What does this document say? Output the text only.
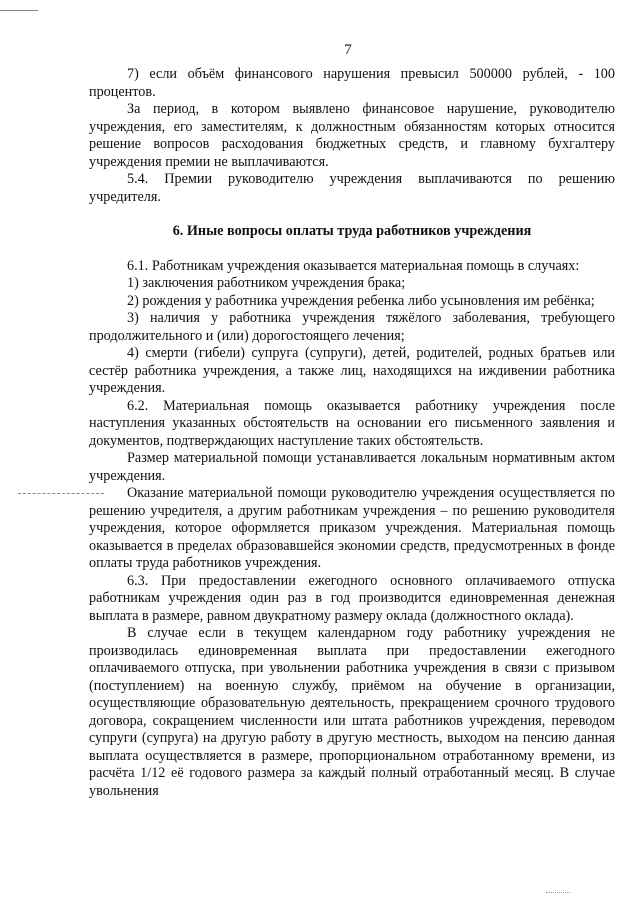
7

7) если объём финансового нарушения превысил 500000 рублей, - 100 процентов.

За период, в котором выявлено финансовое нарушение, руководителю учреждения, его заместителям, к должностным обязанностям которых относится решение вопросов расходования бюджетных средств, и главному бухгалтеру учреждения премии не выплачиваются.

5.4. Премии руководителю учреждения выплачиваются по решению учредителя.

6. Иные вопросы оплаты труда работников учреждения

6.1. Работникам учреждения оказывается материальная помощь в случаях:

1) заключения работником учреждения брака;

2) рождения у работника учреждения ребенка либо усыновления им ребёнка;

3) наличия у работника учреждения тяжёлого заболевания, требующего продолжительного и (или) дорогостоящего лечения;

4) смерти (гибели) супруга (супруги), детей, родителей, родных братьев или сестёр работника учреждения, а также лиц, находящихся на иждивении работника учреждения.

6.2. Материальная помощь оказывается работнику учреждения после наступления указанных обстоятельств на основании его письменного заявления и документов, подтверждающих наступление таких обстоятельств.

Размер материальной помощи устанавливается локальным нормативным актом учреждения.

Оказание материальной помощи руководителю учреждения осуществляется по решению учредителя, а другим работникам учреждения – по решению руководителя учреждения, которое оформляется приказом учреждения. Материальная помощь оказывается в пределах образовавшейся экономии средств, предусмотренных в фонде оплаты труда работников учреждения.

6.3. При предоставлении ежегодного основного оплачиваемого отпуска работникам учреждения один раз в год производится единовременная денежная выплата в размере, равном двукратному размеру оклада (должностного оклада).

В случае если в текущем календарном году работнику учреждения не производилась единовременная выплата при предоставлении ежегодного оплачиваемого отпуска, при увольнении работника учреждения в связи с призывом (поступлением) на военную службу, приёмом на обучение в организации, осуществляющие образовательную деятельность, прекращением срочного трудового договора, сокращением численности или штата работников учреждения, переводом супруги (супруга) на другую работу в другую местность, выходом на пенсию данная выплата осуществляется в размере, пропорциональном отработанному времени, из расчёта 1/12 её годового размера за каждый полный отработанный месяц. В случае увольнения
